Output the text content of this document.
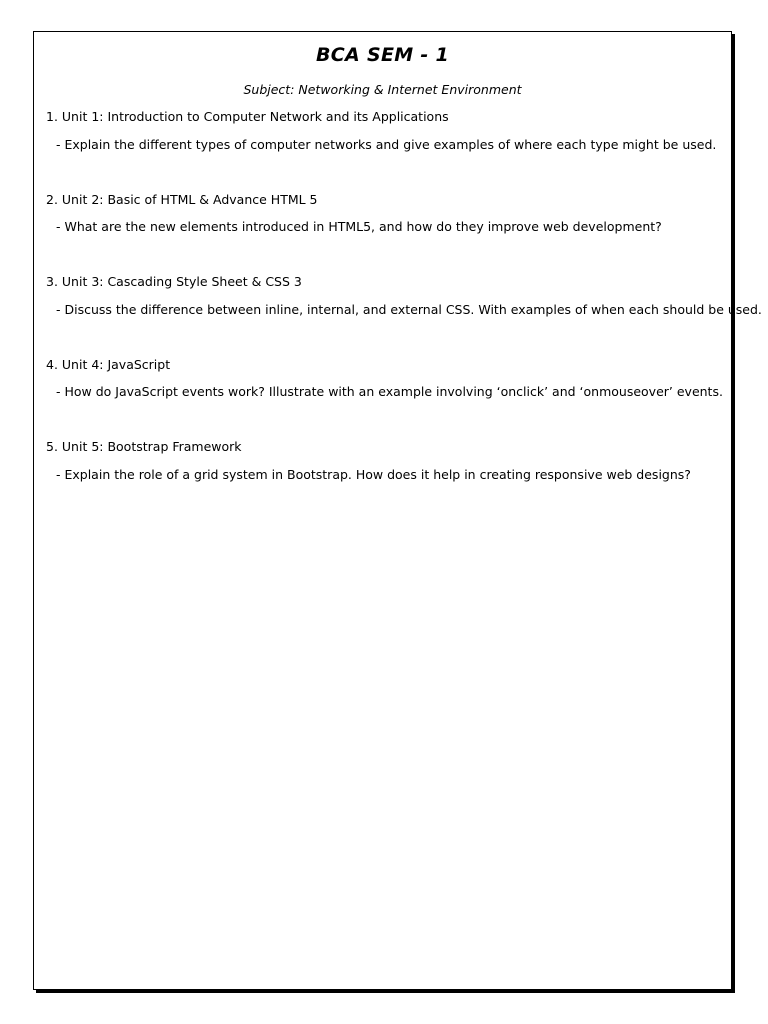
BCA SEM - 1
Subject: Networking & Internet Environment
1. Unit 1: Introduction to Computer Network and its Applications
- Explain the different types of computer networks and give examples of where each type might be used.
2. Unit 2: Basic of HTML & Advance HTML 5
- What are the new elements introduced in HTML5, and how do they improve web development?
3. Unit 3: Cascading Style Sheet & CSS 3
- Discuss the difference between inline, internal, and external CSS. With examples of when each should be used.
4. Unit 4: JavaScript
- How do JavaScript events work? Illustrate with an example involving ‘onclick’ and ‘onmouseover’ events.
5. Unit 5: Bootstrap Framework
- Explain the role of a grid system in Bootstrap. How does it help in creating responsive web designs?
